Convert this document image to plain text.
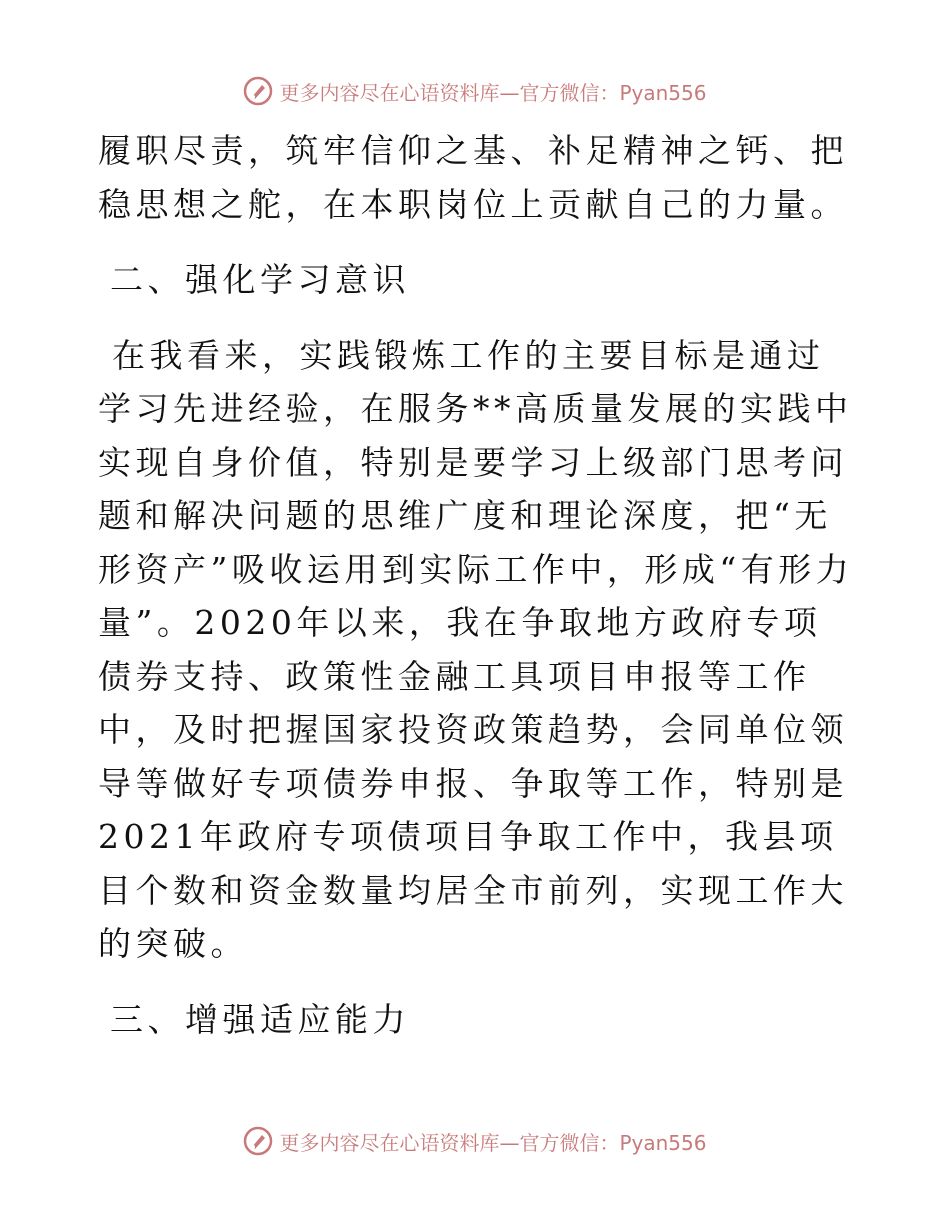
更多内容尽在心语资料库—官方微信：Pyan556

履职尽责，筑牢信仰之基、补足精神之钙、把稳思想之舵，在本职岗位上贡献自己的力量。

二、强化学习意识

在我看来，实践锻炼工作的主要目标是通过学习先进经验，在服务**高质量发展的实践中实现自身价值，特别是要学习上级部门思考问题和解决问题的思维广度和理论深度，把“无形资产”吸收运用到实际工作中，形成“有形力量”。2020年以来，我在争取地方政府专项债券支持、政策性金融工具项目申报等工作中，及时把握国家投资政策趋势，会同单位领导等做好专项债券申报、争取等工作，特别是2021年政府专项债项目争取工作中，我县项目个数和资金数量均居全市前列，实现工作大的突破。

三、增强适应能力

更多内容尽在心语资料库—官方微信：Pyan556
